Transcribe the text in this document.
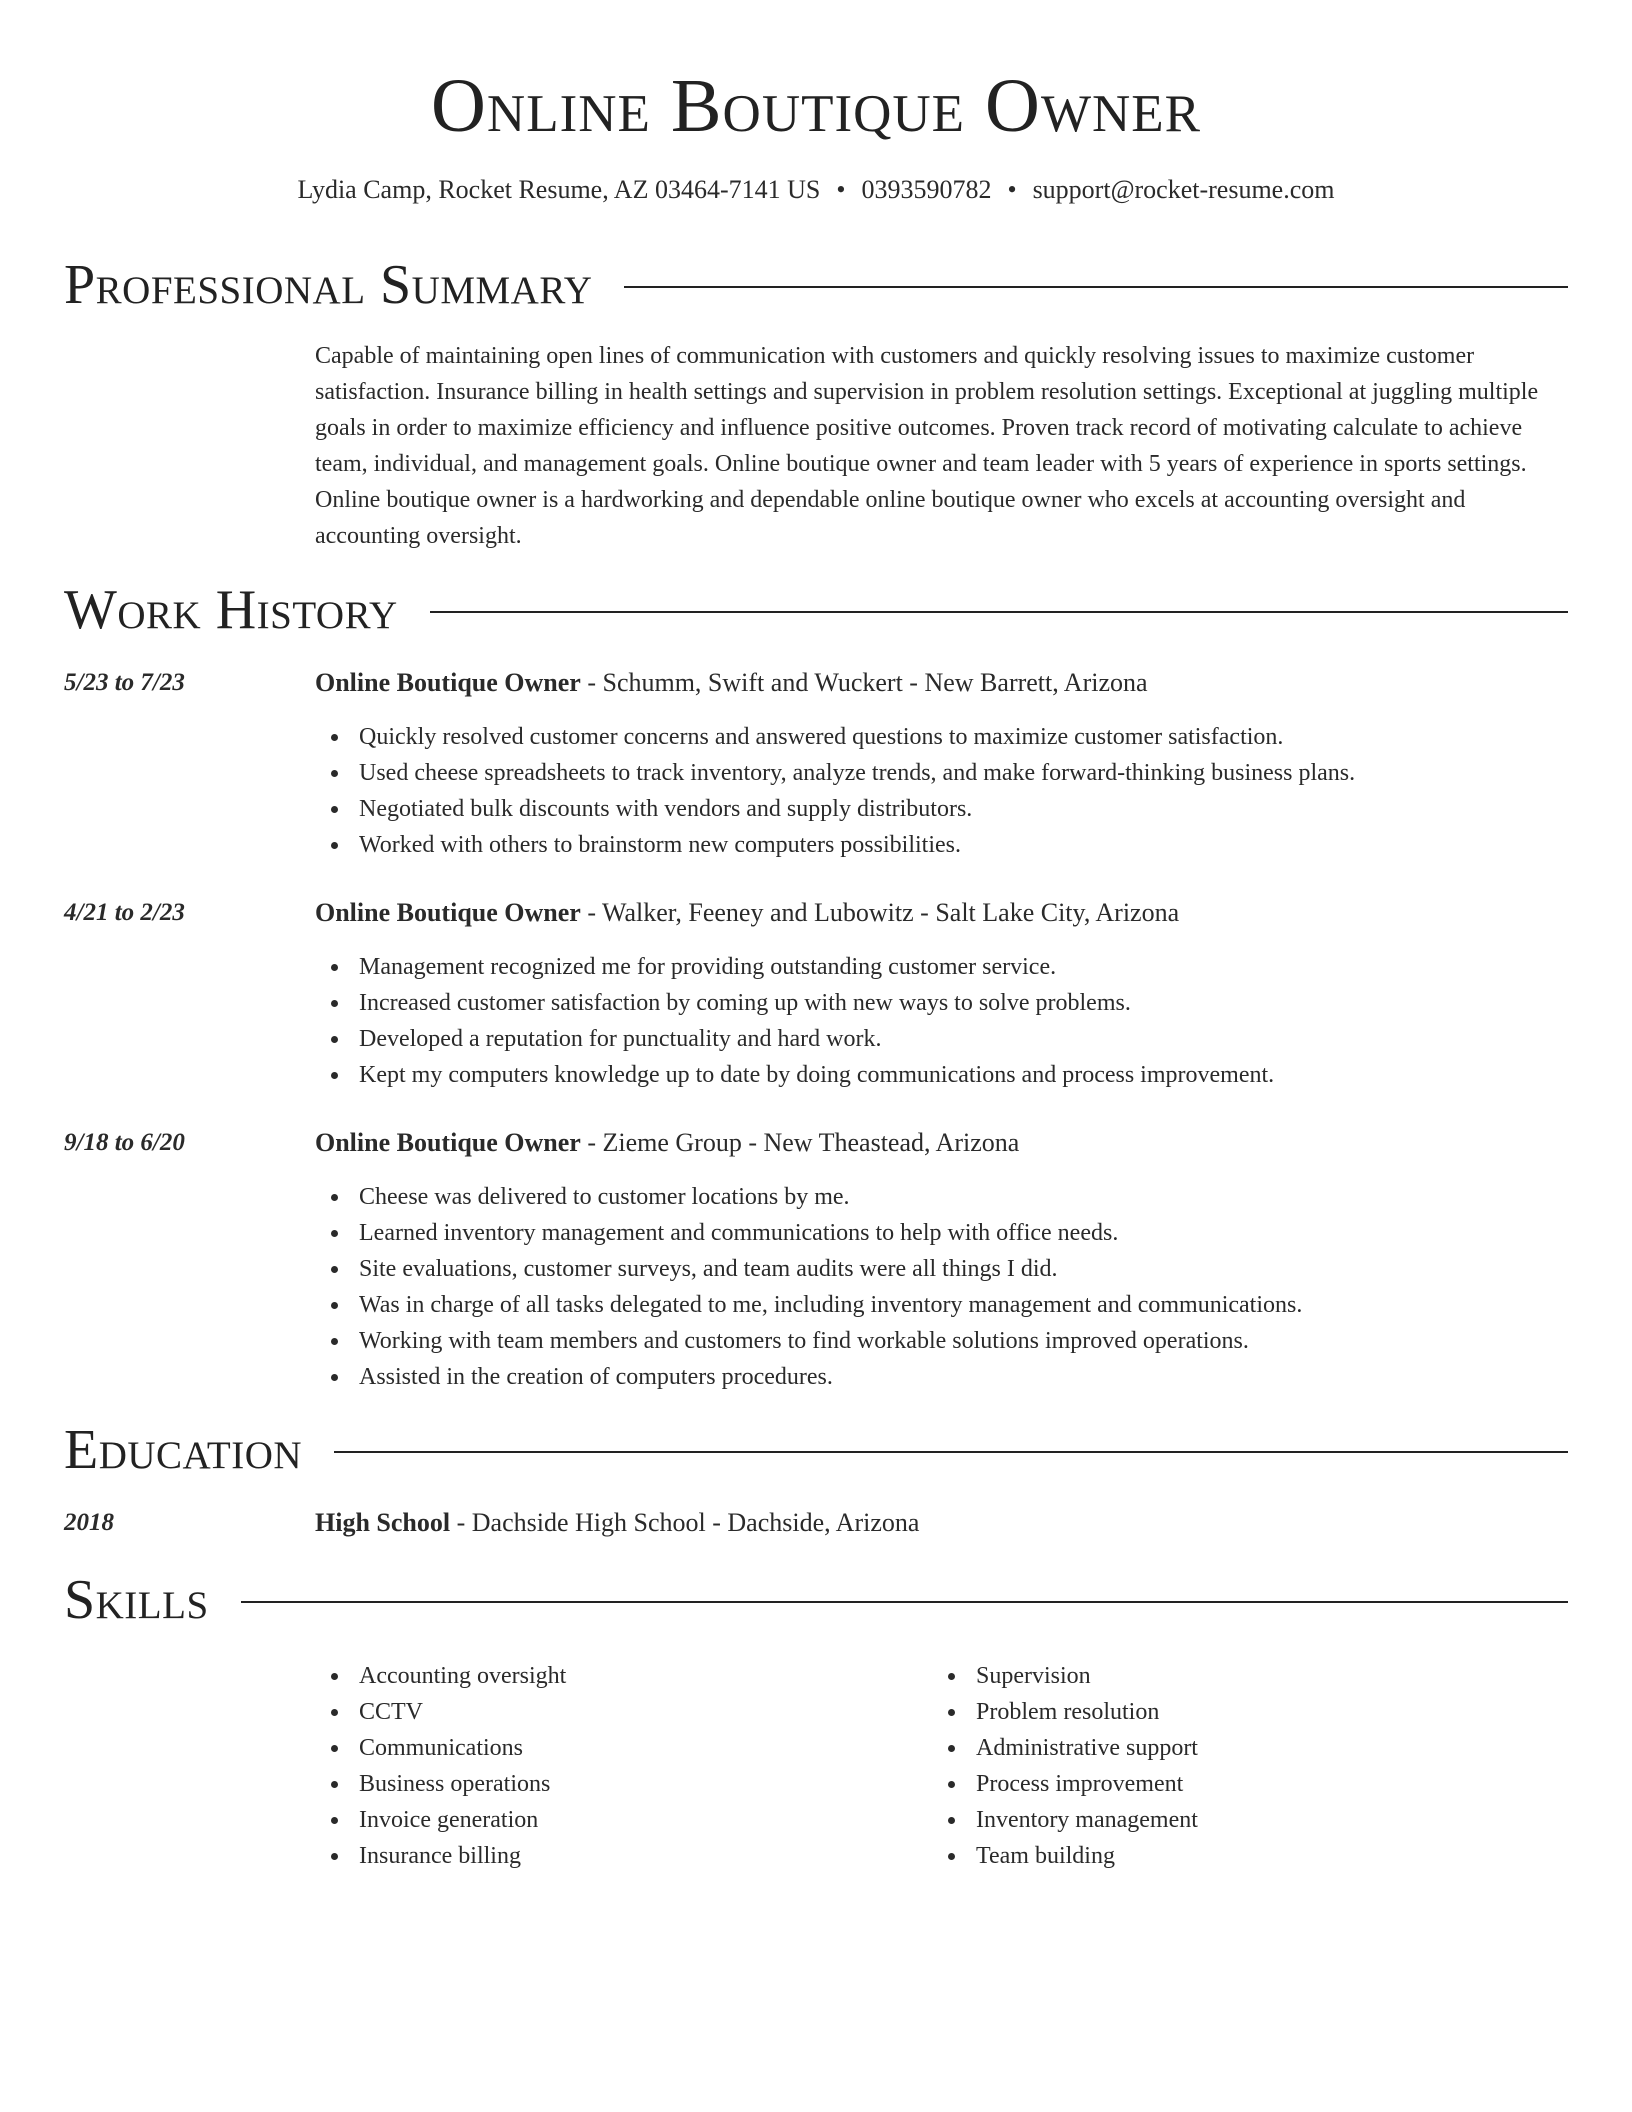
Online Boutique Owner
Lydia Camp, Rocket Resume, AZ 03464-7141 US • 0393590782 • support@rocket-resume.com
Professional Summary
Capable of maintaining open lines of communication with customers and quickly resolving issues to maximize customer satisfaction. Insurance billing in health settings and supervision in problem resolution settings. Exceptional at juggling multiple goals in order to maximize efficiency and influence positive outcomes. Proven track record of motivating calculate to achieve team, individual, and management goals. Online boutique owner and team leader with 5 years of experience in sports settings. Online boutique owner is a hardworking and dependable online boutique owner who excels at accounting oversight and accounting oversight.
Work History
5/23 to 7/23	Online Boutique Owner - Schumm, Swift and Wuckert - New Barrett, Arizona
Quickly resolved customer concerns and answered questions to maximize customer satisfaction.
Used cheese spreadsheets to track inventory, analyze trends, and make forward-thinking business plans.
Negotiated bulk discounts with vendors and supply distributors.
Worked with others to brainstorm new computers possibilities.
4/21 to 2/23	Online Boutique Owner - Walker, Feeney and Lubowitz - Salt Lake City, Arizona
Management recognized me for providing outstanding customer service.
Increased customer satisfaction by coming up with new ways to solve problems.
Developed a reputation for punctuality and hard work.
Kept my computers knowledge up to date by doing communications and process improvement.
9/18 to 6/20	Online Boutique Owner - Zieme Group - New Theastead, Arizona
Cheese was delivered to customer locations by me.
Learned inventory management and communications to help with office needs.
Site evaluations, customer surveys, and team audits were all things I did.
Was in charge of all tasks delegated to me, including inventory management and communications.
Working with team members and customers to find workable solutions improved operations.
Assisted in the creation of computers procedures.
Education
2018	High School - Dachside High School - Dachside, Arizona
Skills
Accounting oversight
CCTV
Communications
Business operations
Invoice generation
Insurance billing
Supervision
Problem resolution
Administrative support
Process improvement
Inventory management
Team building
